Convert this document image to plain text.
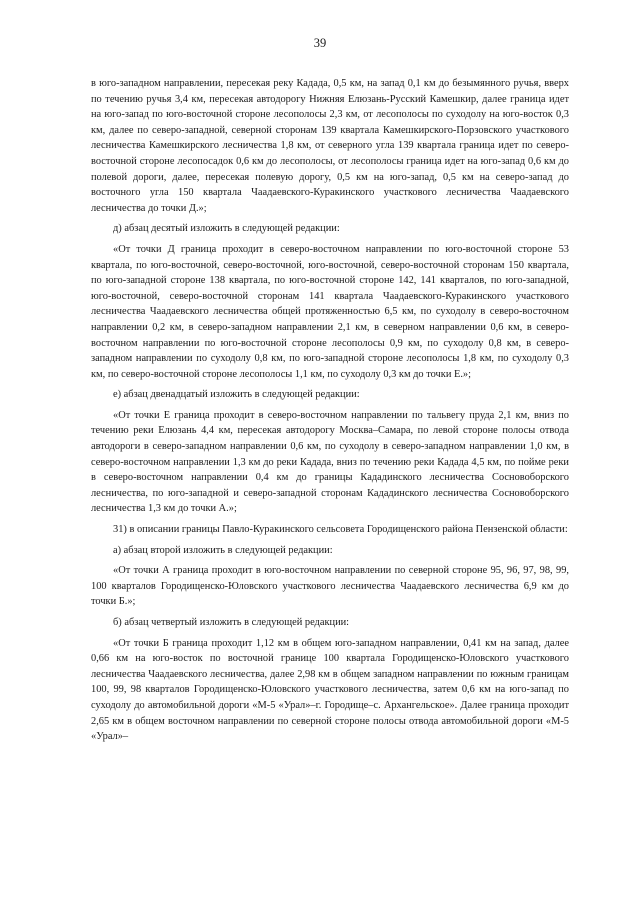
39

в юго-западном направлении, пересекая реку Кадада, 0,5 км, на запад 0,1 км до безымянного ручья, вверх по течению ручья 3,4 км, пересекая автодорогу Нижняя Елюзань-Русский Камешкир, далее граница идет на юго-запад по юго-восточной стороне лесополосы 2,3 км, от лесополосы по суходолу на юго-восток 0,3 км, далее по северо-западной, северной сторонам 139 квартала Камешкирского-Порзовского участкового лесничества Камешкирского лесничества 1,8 км, от северного угла 139 квартала граница идет по северо-восточной стороне лесопосадок 0,6 км до лесополосы, от лесополосы граница идет на юго-запад 0,6 км до полевой дороги, далее, пересекая полевую дорогу, 0,5 км на юго-запад, 0,5 км на северо-запад до восточного угла 150 квартала Чаадаевского-Куракинского участкового лесничества Чаадаевского лесничества до точки Д.»;

д) абзац десятый изложить в следующей редакции:

«От точки Д граница проходит в северо-восточном направлении по юго-восточной стороне 53 квартала, по юго-восточной, северо-восточной, юго-восточной, северо-восточной сторонам 150 квартала, по юго-западной стороне 138 квартала, по юго-восточной стороне 142, 141 кварталов, по юго-западной, юго-восточной, северо-восточной сторонам 141 квартала Чаадаевского-Куракинского участкового лесничества Чаадаевского лесничества общей протяженностью 6,5 км, по суходолу в северо-восточном направлении 0,2 км, в северо-западном направлении 2,1 км, в северном направлении 0,6 км, в северо-восточном направлении по юго-восточной стороне лесополосы 0,9 км, по суходолу 0,8 км, в северо-западном направлении по суходолу 0,8 км, по юго-западной стороне лесополосы 1,8 км, по суходолу 0,3 км, по северо-восточной стороне лесополосы 1,1 км, по суходолу 0,3 км до точки Е.»;

е) абзац двенадцатый изложить в следующей редакции:

«От точки Е граница проходит в северо-восточном направлении по тальвегу пруда 2,1 км, вниз по течению реки Елюзань 4,4 км, пересекая автодорогу Москва–Самара, по левой стороне полосы отвода автодороги в северо-западном направлении 0,6 км, по суходолу в северо-западном направлении 1,0 км, в северо-восточном направлении 1,3 км до реки Кадада, вниз по течению реки Кадада 4,5 км, по пойме реки в северо-восточном направлении 0,4 км до границы Кададинского лесничества Сосновоборского лесничества, по юго-западной и северо-западной сторонам Кададинского лесничества Сосновоборского лесничества 1,3 км до точки А.»;

31) в описании границы Павло-Куракинского сельсовета Городищенского района Пензенской области:

а) абзац второй изложить в следующей редакции:

«От точки А граница проходит в юго-восточном направлении по северной стороне 95, 96, 97, 98, 99, 100 кварталов Городищенско-Юловского участкового лесничества Чаадаевского лесничества 6,9 км до точки Б.»;

б) абзац четвертый изложить в следующей редакции:

«От точки Б граница проходит 1,12 км в общем юго-западном направлении, 0,41 км на запад, далее 0,66 км на юго-восток по восточной границе 100 квартала Городищенско-Юловского участкового лесничества Чаадаевского лесничества, далее 2,98 км в общем западном направлении по южным границам 100, 99, 98 кварталов Городищенско-Юловского участкового лесничества, затем 0,6 км на юго-запад по суходолу до автомобильной дороги «М-5 «Урал»–г. Городище–с. Архангельское». Далее граница проходит 2,65 км в общем восточном направлении по северной стороне полосы отвода автомобильной дороги «М-5 «Урал»–
